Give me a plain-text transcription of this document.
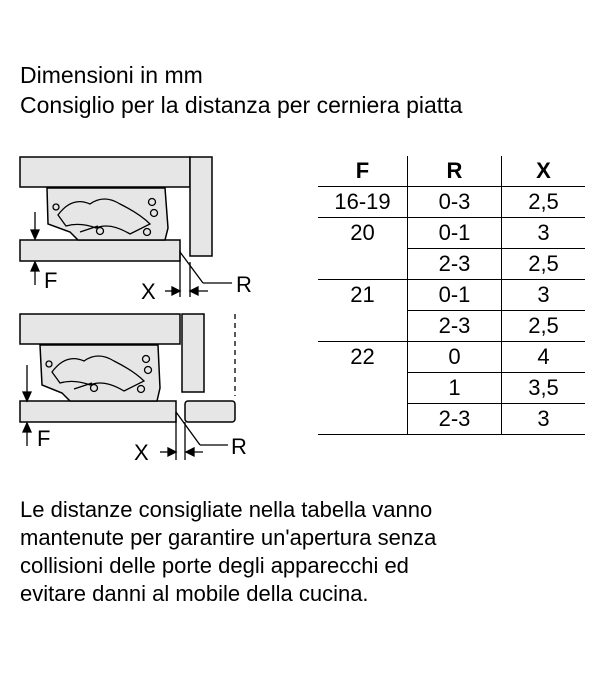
Dimensioni in mm
Consiglio per la distanza per cerniera piatta
F	X	R
F
X	R
F	R	X
16-19	0-3	2,5
20	0-1	3
	2-3	2,5
21	0-1	3
	2-3	2,5
22	0	4
	1	3,5
	2-3	3
Le distanze consigliate nella tabella vanno
mantenute per garantire un'apertura senza
collisioni delle porte degli apparecchi ed
evitare danni al mobile della cucina.
